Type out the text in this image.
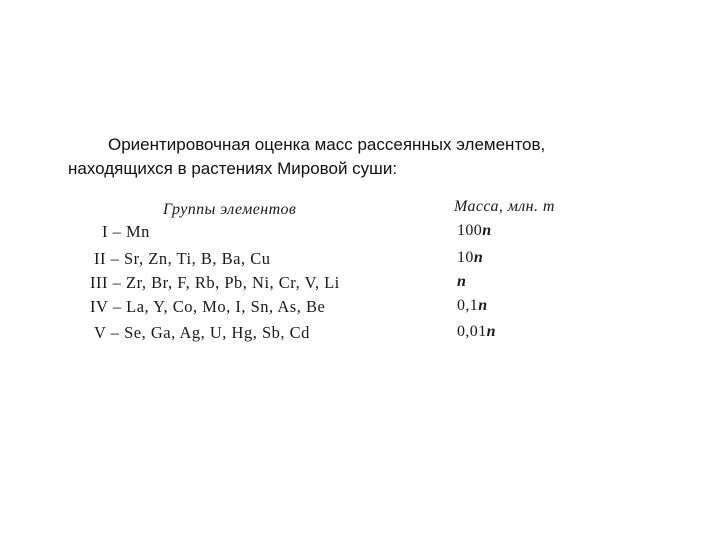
Ориентировочная оценка масс рассеянных элементов,
находящихся в растениях Мировой суши:
Группы элементов	Масса, млн. т
I – Mn	100n
II – Sr, Zn, Ti, B, Ba, Cu	10n
III – Zr, Br, F, Rb, Pb, Ni, Cr, V, Li	n
IV – La, Y, Co, Mo, I, Sn, As, Be	0,1n
V – Se, Ga, Ag, U, Hg, Sb, Cd	0,01n
